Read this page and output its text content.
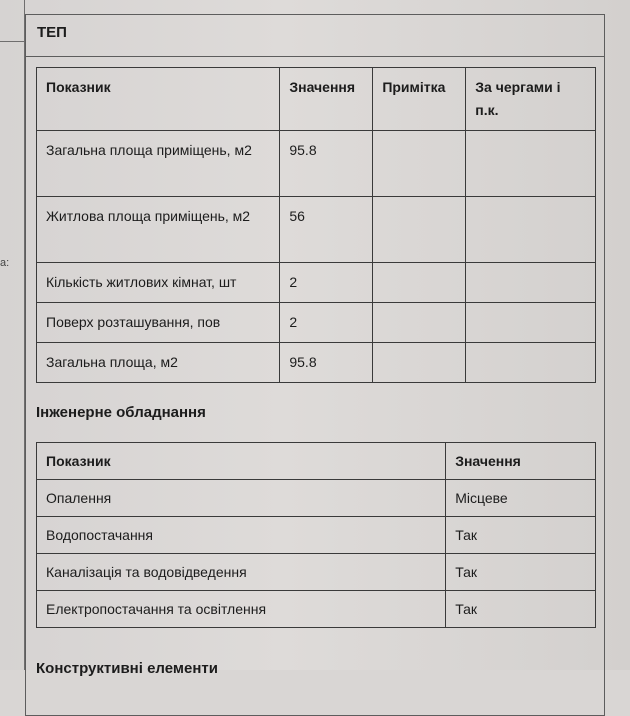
а:
ТЕП
Показник	Значення	Примітка	За чергами і п.к.
Загальна площа приміщень, м2	95.8		
Житлова площа приміщень, м2	56		
Кількість житлових кімнат, шт	2		
Поверх розташування, пов	2		
Загальна площа, м2	95.8		
Інженерне обладнання
Показник	Значення
Опалення	Місцеве
Водопостачання	Так
Каналізація та водовідведення	Так
Електропостачання та освітлення	Так
Конструктивні елементи
